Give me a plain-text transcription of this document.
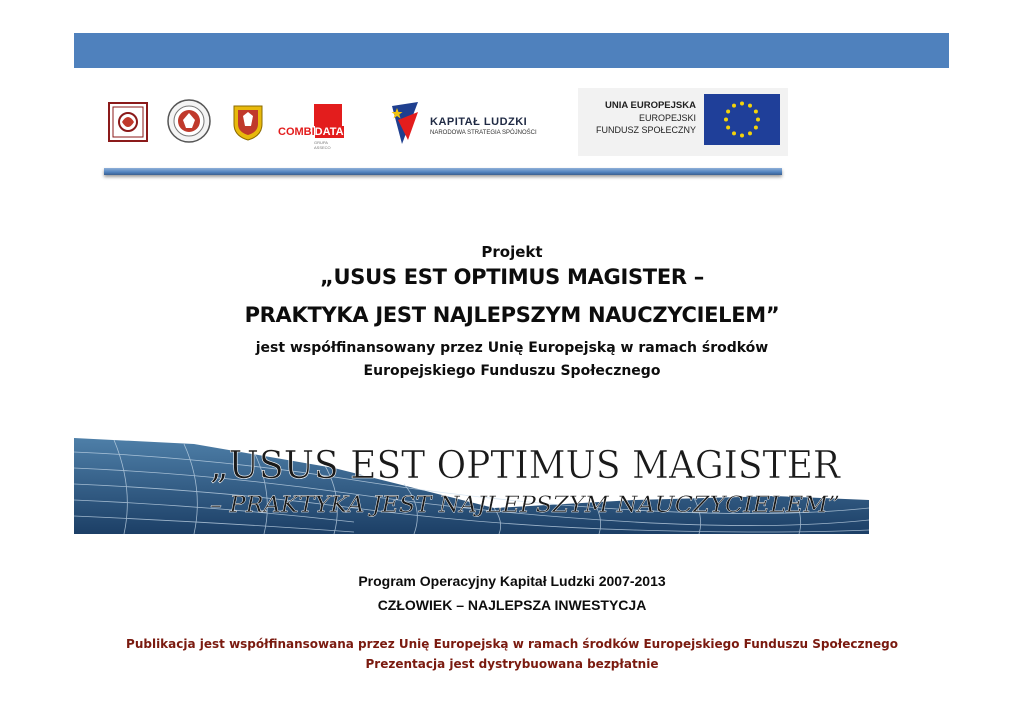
COMBIDATA
GRUPA ASSECO
KAPITAŁ LUDZKI
NARODOWA STRATEGIA SPÓJNOŚCI
UNIA EUROPEJSKA
EUROPEJSKI
FUNDUSZ SPOŁECZNY
Projekt
„USUS EST OPTIMUS MAGISTER –
PRAKTYKA JEST NAJLEPSZYM NAUCZYCIELEM”
jest współfinansowany przez Unię Europejską w ramach środków
Europejskiego Funduszu Społecznego
„USUS EST OPTIMUS MAGISTER
– PRAKTYKA JEST NAJLEPSZYM NAUCZYCIELEM”
Program Operacyjny Kapitał Ludzki 2007-2013
CZŁOWIEK – NAJLEPSZA INWESTYCJA
Publikacja jest współfinansowana przez Unię Europejską w ramach środków Europejskiego Funduszu Społecznego
Prezentacja jest dystrybuowana bezpłatnie
